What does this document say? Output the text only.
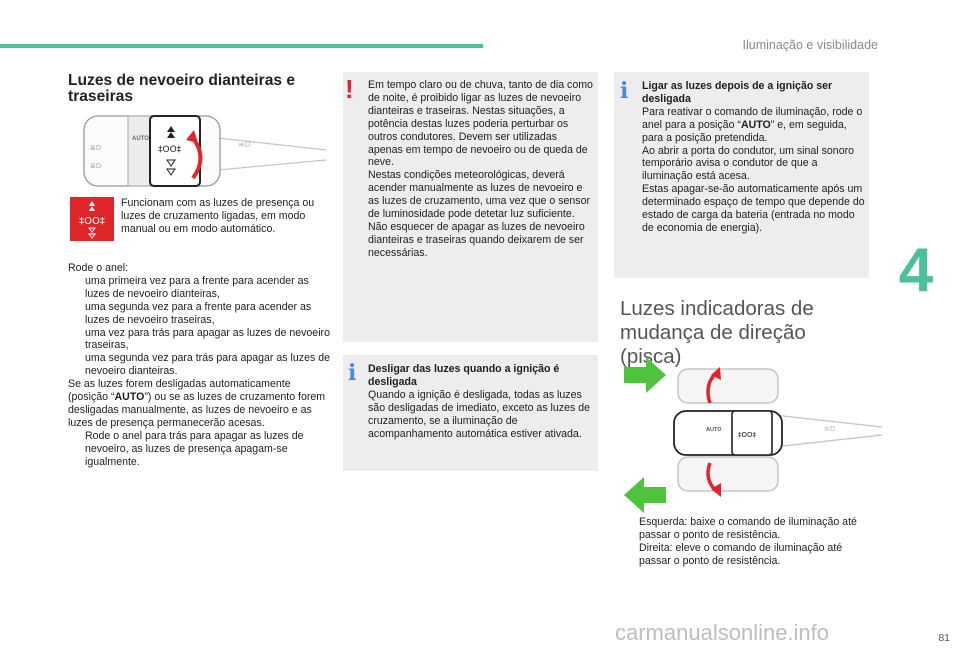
Iluminação e visibilidade
4
Luzes de nevoeiro dianteiras e traseiras
AUTO
‡OO‡
≡D
≣D
≣D
‡OO‡
Funcionam com as luzes de presença ou luzes de cruzamento ligadas, em modo manual ou em modo automático.
Rode o anel:
uma primeira vez para a frente para acender as luzes de nevoeiro dianteiras,
uma segunda vez para a frente para acender as luzes de nevoeiro traseiras,
uma vez para trás para apagar as luzes de nevoeiro traseiras,
uma segunda vez para trás para apagar as luzes de nevoeiro dianteiras.
Se as luzes forem desligadas automaticamente (posição “AUTO”) ou se as luzes de cruzamento forem desligadas manualmente, as luzes de nevoeiro e as luzes de presença permanecerão acesas.
Rode o anel para trás para apagar as luzes de nevoeiro, as luzes de presença apagam-se igualmente.
! Em tempo claro ou de chuva, tanto de dia como de noite, é proibido ligar as luzes de nevoeiro dianteiras e traseiras. Nestas situações, a potência destas luzes poderia perturbar os outros condutores. Devem ser utilizadas apenas em tempo de nevoeiro ou de queda de neve.
Nestas condições meteorológicas, deverá acender manualmente as luzes de nevoeiro e as luzes de cruzamento, uma vez que o sensor de luminosidade pode detetar luz suficiente.
Não esquecer de apagar as luzes de nevoeiro dianteiras e traseiras quando deixarem de ser necessárias.
i Desligar das luzes quando a ignição é desligada
Quando a ignição é desligada, todas as luzes são desligadas de imediato, exceto as luzes de cruzamento, se a iluminação de acompanhamento automática estiver ativada.
i Ligar as luzes depois de a ignição ser desligada
Para reativar o comando de iluminação, rode o anel para a posição “AUTO” e, em seguida, para a posição pretendida.
Ao abrir a porta do condutor, um sinal sonoro temporário avisa o condutor de que a iluminação está acesa.
Estas apagar-se-ão automaticamente após um determinado espaço de tempo que depende do estado de carga da bateria (entrada no modo de economia de energia).
Luzes indicadoras de mudança de direção (pisca)
AUTO
‡OO‡
≡D
Esquerda: baixe o comando de iluminação até passar o ponto de resistência.
Direita: eleve o comando de iluminação até passar o ponto de resistência.
81
carmanualsonline.info
